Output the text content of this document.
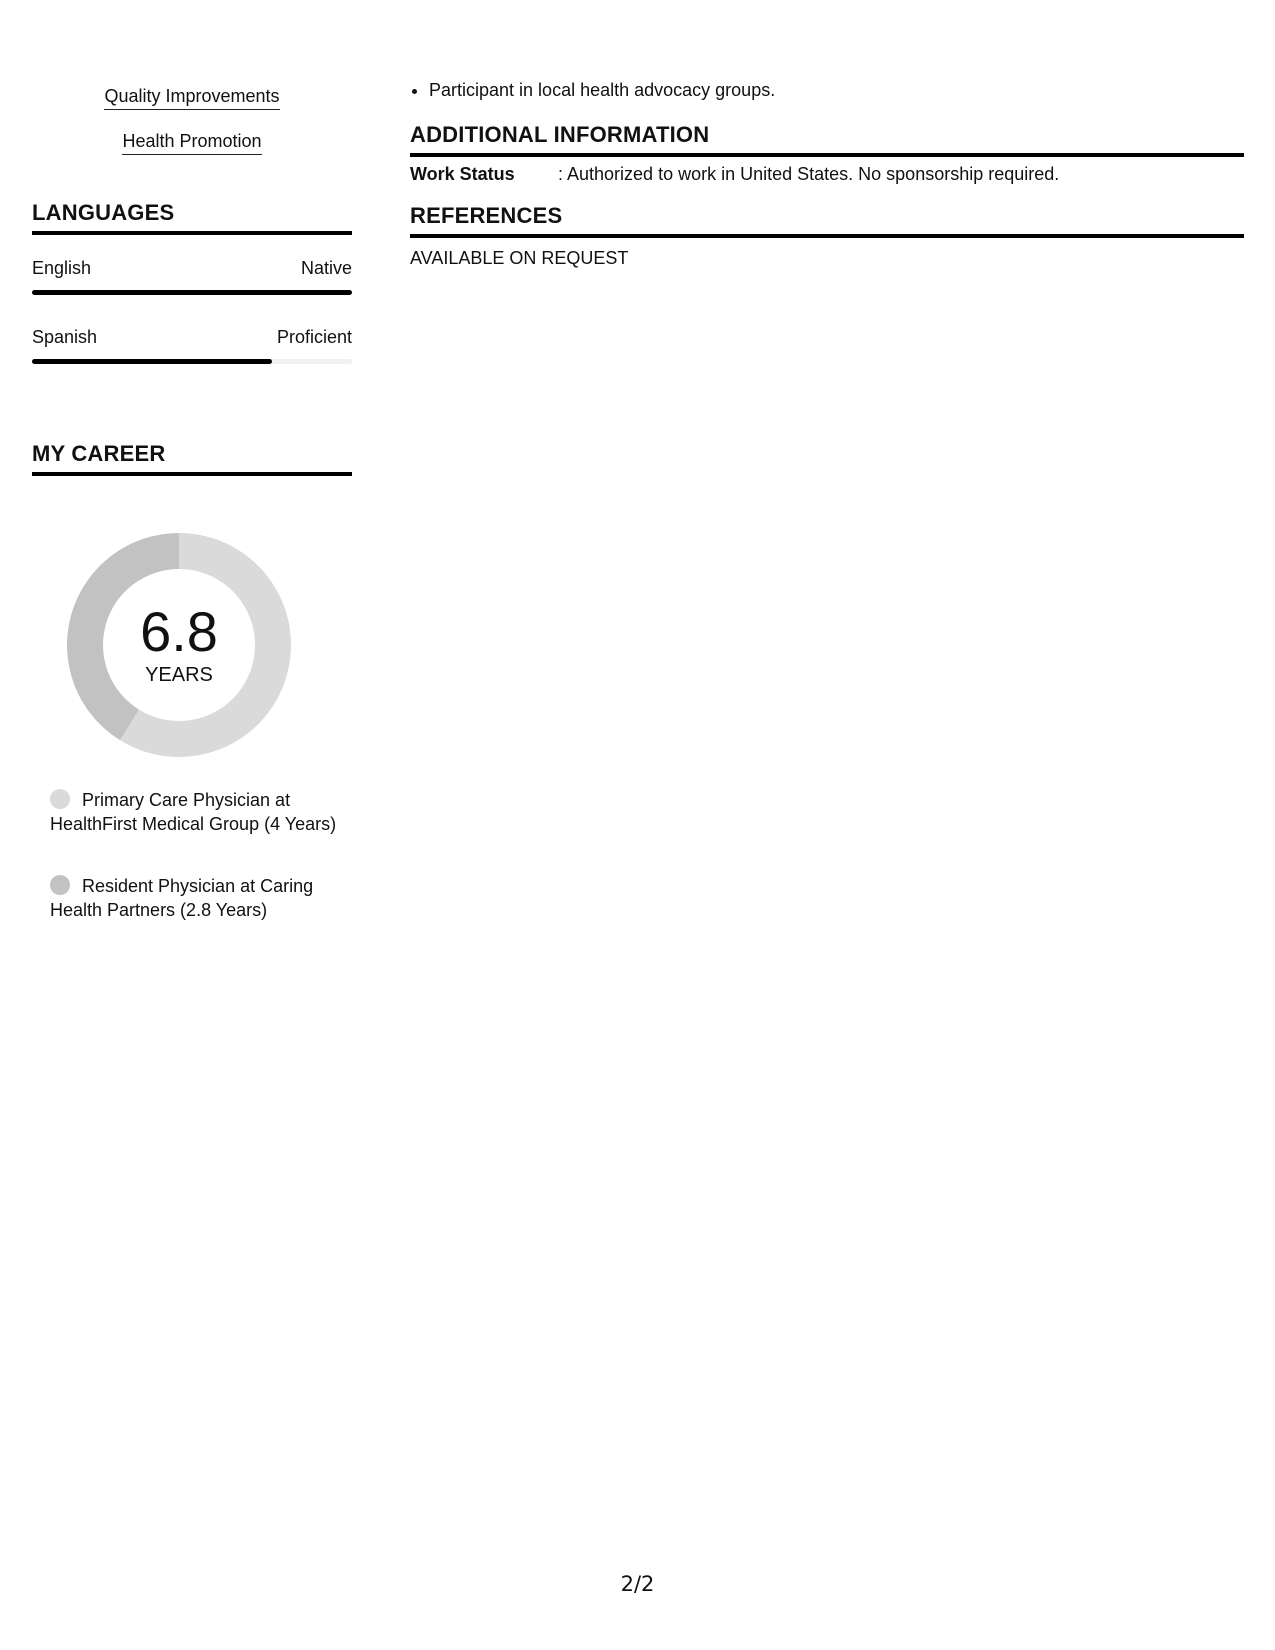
Quality Improvements
Health Promotion
LANGUAGES
English	Native
Spanish	Proficient
MY CAREER
6.8
YEARS
Primary Care Physician at HealthFirst Medical Group (4 Years)
Resident Physician at Caring Health Partners (2.8 Years)
• Participant in local health advocacy groups.
ADDITIONAL INFORMATION
Work Status : Authorized to work in United States. No sponsorship required.
REFERENCES
AVAILABLE ON REQUEST
2/2
